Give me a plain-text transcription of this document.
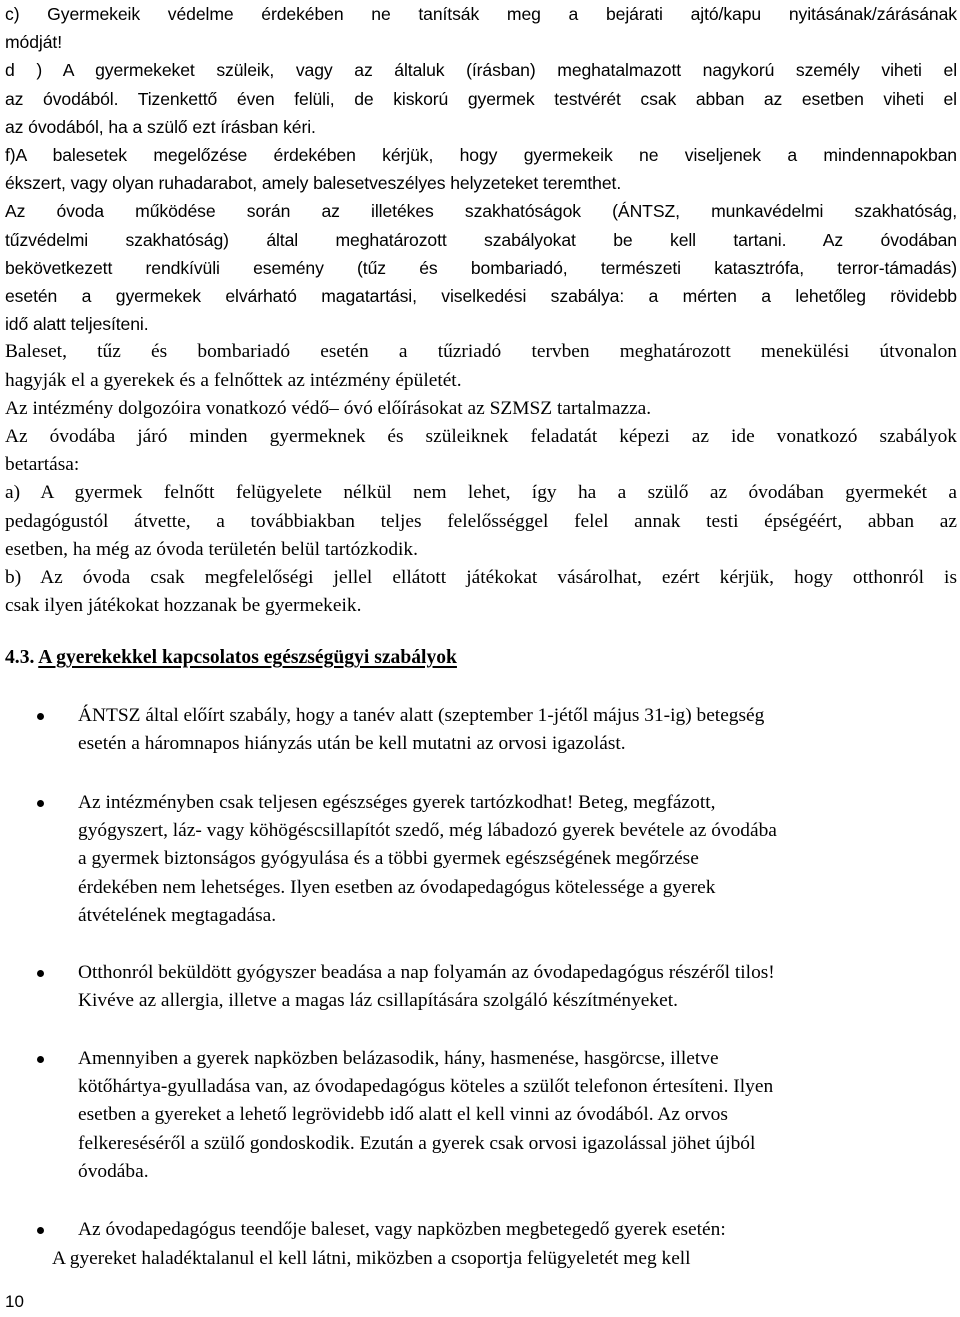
c) Gyermekeik védelme érdekében ne tanítsák meg a bejárati ajtó/kapu nyitásának/zárásának
módját!
d ) A gyermekeket szüleik, vagy az általuk (írásban) meghatalmazott nagykorú személy viheti el
az óvodából. Tizenkettő éven felüli, de kiskorú gyermek testvérét csak abban az esetben viheti el
az óvodából, ha a szülő ezt írásban kéri.
f)A balesetek megelőzése érdekében kérjük, hogy gyermekeik ne viseljenek a mindennapokban
ékszert, vagy olyan ruhadarabot, amely balesetveszélyes helyzeteket teremthet.
Az óvoda működése során az illetékes szakhatóságok (ÁNTSZ, munkavédelmi szakhatóság,
tűzvédelmi szakhatóság) által meghatározott szabályokat be kell tartani. Az óvodában
bekövetkezett rendkívüli esemény (tűz és bombariadó, természeti katasztrófa, terror-támadás)
esetén a gyermekek elvárható magatartási, viselkedési szabálya: a mérten a lehetőleg rövidebb
idő alatt teljesíteni.
Baleset, tűz és bombariadó esetén a tűzriadó tervben meghatározott menekülési útvonalon
hagyják el a gyerekek és a felnőttek az intézmény épületét.
Az intézmény dolgozóira vonatkozó védő– óvó előírásokat az SZMSZ tartalmazza.
Az óvodába járó minden gyermeknek és szüleiknek feladatát képezi az ide vonatkozó szabályok
betartása:
a) A gyermek felnőtt felügyelete nélkül nem lehet, így ha a szülő az óvodában gyermekét a
pedagógustól átvette, a továbbiakban teljes felelősséggel felel annak testi épségéért, abban az
esetben, ha még az óvoda területén belül tartózkodik.
b) Az óvoda csak megfelelőségi jellel ellátott játékokat vásárolhat, ezért kérjük, hogy otthonról is
csak ilyen játékokat hozzanak be gyermekeik.
4.3. A gyerekekkel kapcsolatos egészségügyi szabályok
ÁNTSZ által előírt szabály, hogy a tanév alatt (szeptember 1-jétől május 31-ig) betegség
esetén a háromnapos hiányzás után be kell mutatni az orvosi igazolást.
Az intézményben csak teljesen egészséges gyerek tartózkodhat! Beteg, megfázott,
gyógyszert, láz- vagy köhögéscsillapítót szedő, még lábadozó gyerek bevétele az óvodába
a gyermek biztonságos gyógyulása és a többi gyermek egészségének megőrzése
érdekében nem lehetséges. Ilyen esetben az óvodapedagógus kötelessége a gyerek
átvételének megtagadása.
Otthonról beküldött gyógyszer beadása a nap folyamán az óvodapedagógus részéről tilos!
Kivéve az allergia, illetve a magas láz csillapítására szolgáló készítményeket.
Amennyiben a gyerek napközben belázasodik, hány, hasmenése, hasgörcse, illetve
kötőhártya-gyulladása van, az óvodapedagógus köteles a szülőt telefonon értesíteni. Ilyen
esetben a gyereket a lehető legrövidebb idő alatt el kell vinni az óvodából. Az orvos
felkereséséről a szülő gondoskodik. Ezután a gyerek csak orvosi igazolással jöhet újból
óvodába.
Az óvodapedagógus teendője baleset, vagy napközben megbetegedő gyerek esetén:
A gyereket haladéktalanul el kell látni, miközben a csoportja felügyeletét meg kell
10
